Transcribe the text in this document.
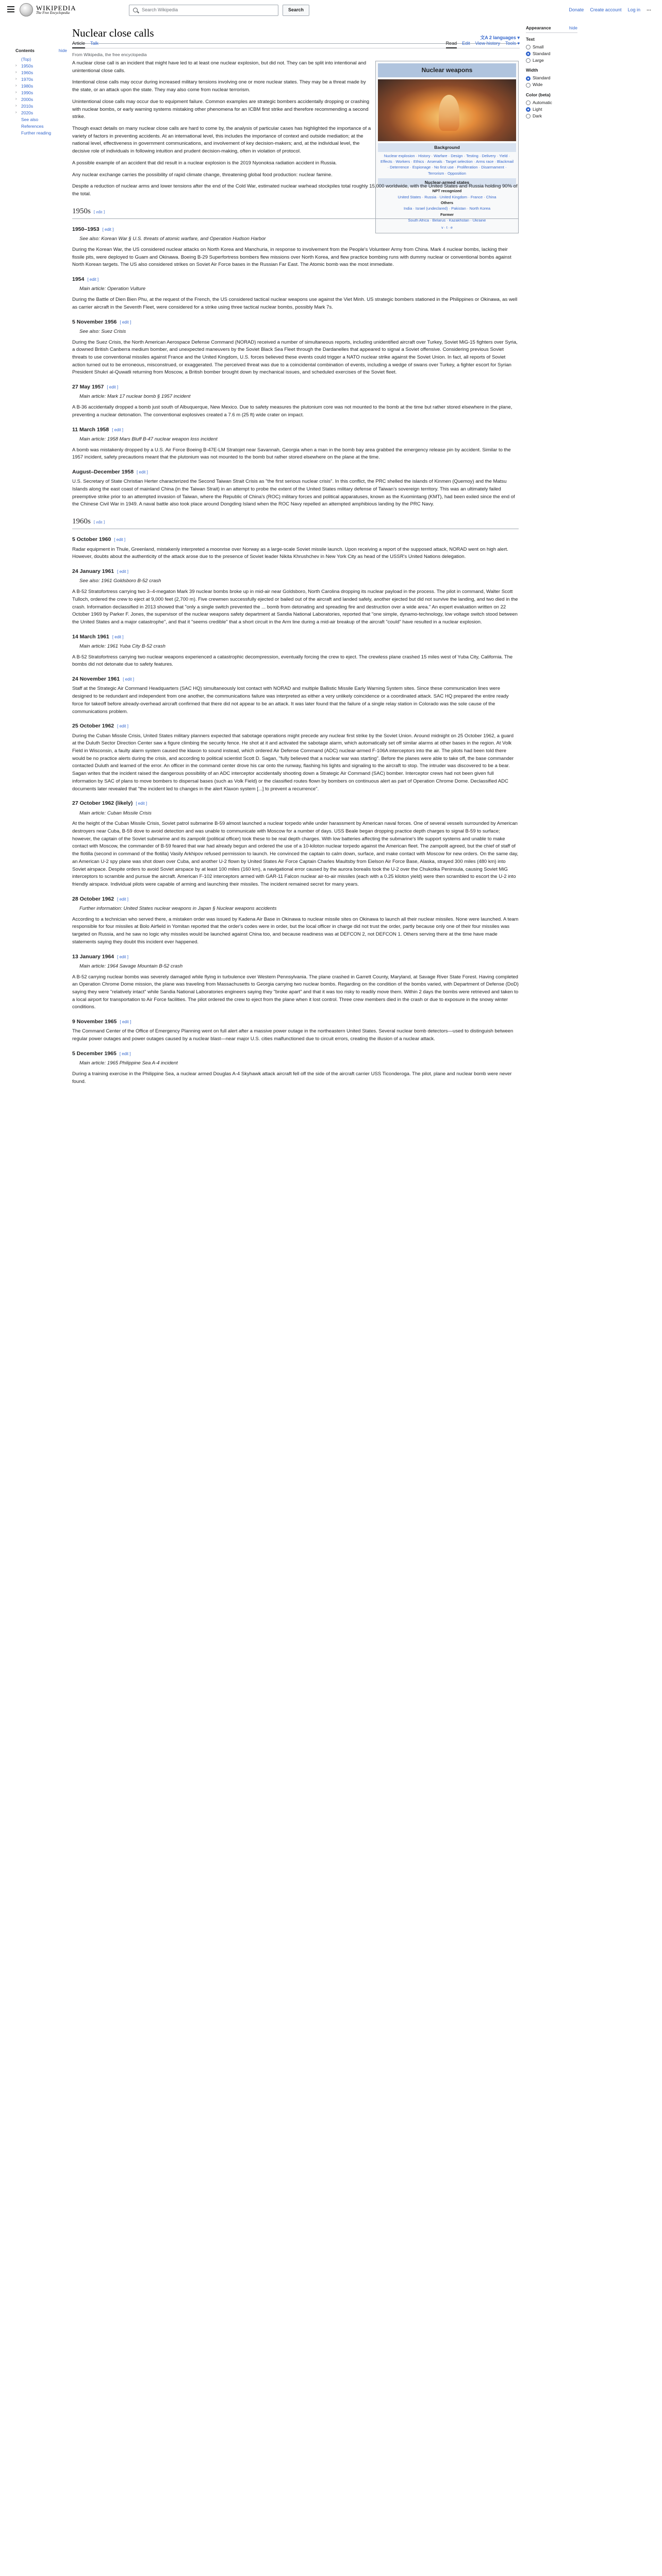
WIKIPEDIA
The Free Encyclopedia
Search Wikipedia	Search	Donate Create account Log in ⋯
Nuclear close calls	文A 2 languages ▾
Article Talk	Read Edit View history Tools ▾
From Wikipedia, the free encyclopedia
Contents	hide
(Top)
›	1950s
›	1960s
›	1970s
›	1980s
›	1990s
›	2000s
›	2010s
›	2020s
See also
References
Further reading
Appearance	hide
Text
Small
Standard
Large
Width
Standard
Wide
Color (beta)
Automatic
Light
Dark
Nuclear weapons
Background
Nuclear explosion · History · Warfare · Design · Testing · Delivery · Yield · Effects · Workers · Ethics · Arsenals · Target selection · Arms race · Blackmail · Deterrence · Espionage · No first use · Proliferation · Disarmament · Terrorism · Opposition
Nuclear-armed states
NPT recognized
United States · Russia · United Kingdom · France · China
Others
India · Israel (undeclared) · Pakistan · North Korea
Former
South Africa · Belarus · Kazakhstan · Ukraine
v · t · e

A nuclear close call is an incident that might have led to at least one nuclear explosion, but did not. They can be split into intentional and unintentional close calls.

Intentional close calls may occur during increased military tensions involving one or more nuclear states. They may be a threat made by the state, or an attack upon the state. They may also come from nuclear terrorism.

Unintentional close calls may occur due to equipment failure. Common examples are strategic bombers accidentally dropping or crashing with nuclear bombs, or early warning systems mistaking other phenomena for an ICBM first strike and therefore recommending a second strike.

Though exact details on many nuclear close calls are hard to come by, the analysis of particular cases has highlighted the importance of a variety of factors in preventing accidents. At an international level, this includes the importance of context and outside mediation; at the national level, effectiveness in government communications, and involvement of key decision-makers; and, at the individual level, the decisive role of individuals in following intuition and prudent decision-making, often in violation of protocol.

A possible example of an accident that did result in a nuclear explosion is the 2019 Nyonoksa radiation accident in Russia.

Any nuclear exchange carries the possibility of rapid climate change, threatening global food production: nuclear famine.

Despite a reduction of nuclear arms and lower tensions after the end of the Cold War, estimated nuclear warhead stockpiles total roughly 15,000 worldwide, with the United States and Russia holding 90% of the total.

1950s [ edit ]
1950–1953 [ edit ]
See also: Korean War § U.S. threats of atomic warfare, and Operation Hudson Harbor

During the Korean War, the US considered nuclear attacks on North Korea and Manchuria, in response to involvement from the People's Volunteer Army from China. Mark 4 nuclear bombs, lacking their fissile pits, were deployed to Guam and Okinawa. Boeing B-29 Superfortress bombers flew missions over North Korea, and flew practice bombing runs with dummy nuclear or conventional bombs against North Korean targets. The US also considered strikes on Soviet Air Force bases in the Russian Far East. The Atomic bomb was the most immediate.

1954 [ edit ]
Main article: Operation Vulture

During the Battle of Dien Bien Phu, at the request of the French, the US considered tactical nuclear weapons use against the Viet Minh. US strategic bombers stationed in the Philippines or Okinawa, as well as carrier aircraft in the Seventh Fleet, were considered for a strike using three tactical nuclear bombs, possibly Mark 7s.

5 November 1956 [ edit ]
See also: Suez Crisis

During the Suez Crisis, the North American Aerospace Defense Command (NORAD) received a number of simultaneous reports, including unidentified aircraft over Turkey, Soviet MiG-15 fighters over Syria, a downed British Canberra medium bomber, and unexpected maneuvers by the Soviet Black Sea Fleet through the Dardanelles that appeared to signal a Soviet offensive. Considering previous Soviet threats to use conventional missiles against France and the United Kingdom, U.S. forces believed these events could trigger a NATO nuclear strike against the Soviet Union. In fact, all reports of Soviet action turned out to be erroneous, misconstrued, or exaggerated. The perceived threat was due to a coincidental combination of events, including a wedge of swans over Turkey, a fighter escort for Syrian President Shukri al-Quwatli returning from Moscow, a British bomber brought down by mechanical issues, and scheduled exercises of the Soviet fleet.

27 May 1957 [ edit ]
Main article: Mark 17 nuclear bomb § 1957 incident

A B-36 accidentally dropped a bomb just south of Albuquerque, New Mexico. Due to safety measures the plutonium core was not mounted to the bomb at the time but rather stored elsewhere in the plane, preventing a nuclear detonation. The conventional explosives created a 7.6 m (25 ft) wide crater on impact.

11 March 1958 [ edit ]
Main article: 1958 Mars Bluff B-47 nuclear weapon loss incident

A bomb was mistakenly dropped by a U.S. Air Force Boeing B-47E-LM Stratojet near Savannah, Georgia when a man in the bomb bay area grabbed the emergency release pin by accident. Similar to the 1957 incident, safety precautions meant that the plutonium was not mounted to the bomb but rather stored elsewhere on the plane at the time.

August–December 1958 [ edit ]

U.S. Secretary of State Christian Herter characterized the Second Taiwan Strait Crisis as "the first serious nuclear crisis". In this conflict, the PRC shelled the islands of Kinmen (Quemoy) and the Matsu Islands along the east coast of mainland China (in the Taiwan Strait) in an attempt to probe the extent of the United States military defense of Taiwan's sovereign territory. This was an ultimately failed preemptive strike prior to an attempted invasion of Taiwan, where the Republic of China's (ROC) military forces and political apparatuses, known as the Kuomintang (KMT), had been exiled since the end of the Chinese Civil War in 1949. A naval battle also took place around Dongding Island when the ROC Navy repelled an attempted amphibious landing by the PRC Navy.

1960s [ edit ]
5 October 1960 [ edit ]

Radar equipment in Thule, Greenland, mistakenly interpreted a moonrise over Norway as a large-scale Soviet missile launch. Upon receiving a report of the supposed attack, NORAD went on high alert. However, doubts about the authenticity of the attack arose due to the presence of Soviet leader Nikita Khrushchev in New York City as head of the USSR's United Nations delegation.

24 January 1961 [ edit ]
See also: 1961 Goldsboro B-52 crash

A B-52 Stratofortress carrying two 3–4-megaton Mark 39 nuclear bombs broke up in mid-air near Goldsboro, North Carolina dropping its nuclear payload in the process. The pilot in command, Walter Scott Tulloch, ordered the crew to eject at 9,000 feet (2,700 m). Five crewmen successfully ejected or bailed out of the aircraft and landed safely, another ejected but did not survive the landing, and two died in the crash. Information declassified in 2013 showed that "only a single switch prevented the ... bomb from detonating and spreading fire and destruction over a wide area." An expert evaluation written on 22 October 1969 by Parker F. Jones, the supervisor of the nuclear weapons safety department at Sandia National Laboratories, reported that "one simple, dynamo-technology, low voltage switch stood between the United States and a major catastrophe", and that it "seems credible" that a short circuit in the Arm line during a mid-air breakup of the aircraft "could" have resulted in a nuclear explosion.

14 March 1961 [ edit ]
Main article: 1961 Yuba City B-52 crash

A B-52 Stratofortress carrying two nuclear weapons experienced a catastrophic decompression, eventually forcing the crew to eject. The crewless plane crashed 15 miles west of Yuba City, California. The bombs did not detonate due to safety features.

24 November 1961 [ edit ]

Staff at the Strategic Air Command Headquarters (SAC HQ) simultaneously lost contact with NORAD and multiple Ballistic Missile Early Warning System sites. Since these communication lines were designed to be redundant and independent from one another, the communications failure was interpreted as either a very unlikely coincidence or a coordinated attack. SAC HQ prepared the entire ready force for takeoff before already-overhead aircraft confirmed that there did not appear to be an attack. It was later found that the failure of a single relay station in Colorado was the sole cause of the communications problem.

25 October 1962 [ edit ]

During the Cuban Missile Crisis, United States military planners expected that sabotage operations might precede any nuclear first strike by the Soviet Union. Around midnight on 25 October 1962, a guard at the Duluth Sector Direction Center saw a figure climbing the security fence. He shot at it and activated the sabotage alarm, which automatically set off similar alarms at other bases in the region. At Volk Field in Wisconsin, a faulty alarm system caused the klaxon to sound instead, which ordered Air Defense Command (ADC) nuclear-armed F-106A interceptors into the air. The pilots had been told there would be no practice alerts during the crisis, and according to political scientist Scott D. Sagan, "fully believed that a nuclear war was starting". Before the planes were able to take off, the base commander contacted Duluth and learned of the error. An officer in the command center drove his car onto the runway, flashing his lights and signaling to the aircraft to stop. The intruder was discovered to be a bear. Sagan writes that the incident raised the dangerous possibility of an ADC interceptor accidentally shooting down a Strategic Air Command (SAC) bomber. Interceptor crews had not been given full information by SAC of plans to move bombers to dispersal bases (such as Volk Field) or the classified routes flown by bombers on continuous alert as part of Operation Chrome Dome. Declassified ADC documents later revealed that "the incident led to changes in the alert Klaxon system [...] to prevent a recurrence".

27 October 1962 (likely) [ edit ]
Main article: Cuban Missile Crisis

At the height of the Cuban Missile Crisis, Soviet patrol submarine B-59 almost launched a nuclear torpedo while under harassment by American naval forces. One of several vessels surrounded by American destroyers near Cuba, B-59 dove to avoid detection and was unable to communicate with Moscow for a number of days. USS Beale began dropping practice depth charges to signal B-59 to surface; however, the captain of the Soviet submarine and its zampolit (political officer) took these to be real depth charges. With low batteries affecting the submarine's life support systems and unable to make contact with Moscow, the commander of B-59 feared that war had already begun and ordered the use of a 10-kiloton nuclear torpedo against the American fleet. The zampolit agreed, but the chief of staff of the flotilla (second in command of the flotilla) Vasily Arkhipov refused permission to launch. He convinced the captain to calm down, surface, and make contact with Moscow for new orders. On the same day, an American U-2 spy plane was shot down over Cuba, and another U-2 flown by United States Air Force Captain Charles Maultsby from Eielson Air Force Base, Alaska, strayed 300 miles (480 km) into Soviet airspace. Despite orders to avoid Soviet airspace by at least 100 miles (160 km), a navigational error caused by the aurora borealis took the U-2 over the Chukotka Peninsula, causing Soviet MiG interceptors to scramble and pursue the aircraft. American F-102 interceptors armed with GAR-11 Falcon nuclear air-to-air missiles (each with a 0.25 kiloton yield) were then scrambled to escort the U-2 into friendly airspace. Individual pilots were capable of arming and launching their missiles. The incident remained secret for many years.

28 October 1962 [ edit ]
Further information: United States nuclear weapons in Japan § Nuclear weapons accidents

According to a technician who served there, a mistaken order was issued by Kadena Air Base in Okinawa to nuclear missile sites on Okinawa to launch all their nuclear missiles. None were launched. A team responsible for four missiles at Bolo Airfield in Yomitan reported that the order's codes were in order, but the local officer in charge did not trust the order, partly because only one of their four missiles was targeted on Russia, and he saw no logic why missiles would be launched against China too, and because readiness was at DEFCON 2, not DEFCON 1. Others serving there at the time have made statements saying they doubt this incident ever happened.

13 January 1964 [ edit ]
Main article: 1964 Savage Mountain B-52 crash

A B-52 carrying nuclear bombs was severely damaged while flying in turbulence over Western Pennsylvania. The plane crashed in Garrett County, Maryland, at Savage River State Forest. Having completed an Operation Chrome Dome mission, the plane was traveling from Massachusetts to Georgia carrying two nuclear bombs. Regarding on the condition of the bombs varied, with Department of Defense (DoD) saying they were "relatively intact" while Sandia National Laboratories engineers saying they "broke apart" and that it was too risky to readily move them. Within 2 days the bombs were retrieved and taken to a local airport for transportation to Air Force facilities. The pilot ordered the crew to eject from the plane when it lost control. Three crew members died in the crash or due to exposure in the snowy winter conditions.

9 November 1965 [ edit ]

The Command Center of the Office of Emergency Planning went on full alert after a massive power outage in the northeastern United States. Several nuclear bomb detectors—used to distinguish between regular power outages and power outages caused by a nuclear blast—near major U.S. cities malfunctioned due to circuit errors, creating the illusion of a nuclear attack.

5 December 1965 [ edit ]
Main article: 1965 Philippine Sea A-4 incident

During a training exercise in the Philippine Sea, a nuclear armed Douglas A-4 Skyhawk attack aircraft fell off the side of the aircraft carrier USS Ticonderoga. The pilot, plane and nuclear bomb were never found.
